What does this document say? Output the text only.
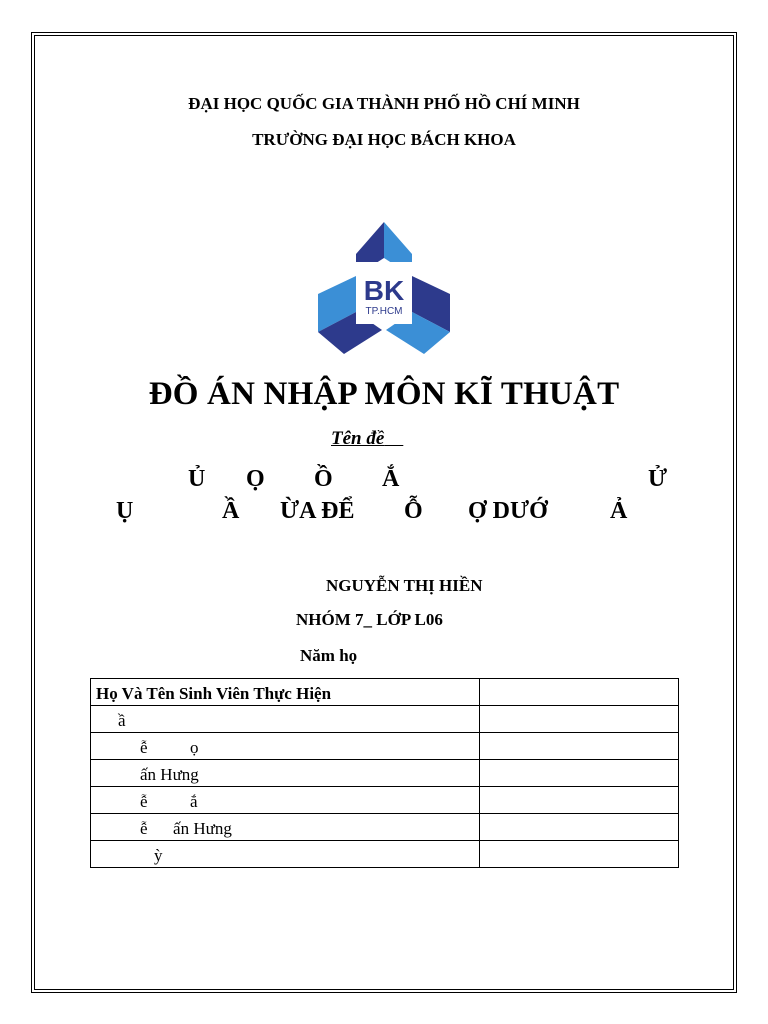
ĐẠI HỌC QUỐC GIA THÀNH PHỐ HỒ CHÍ MINH
TRƯỜNG ĐẠI HỌC BÁCH KHOA
BK
TP.HCM
ĐỒ ÁN NHẬP MÔN KĨ THUẬT
Tên đề
Ủ Ọ Ồ Ắ	Ử
Ụ	Ầ ỪA ĐỂ Ỗ Ợ DƯỚ	Ả
NGUYỄN THỊ HIỀN
NHÓM 7_ LỚP L06
Năm họ
Họ Và Tên Sinh Viên Thực Hiện	
ầ	
ễ          ọ	
ấn Hưng	
ễ          ắ	
ễ      ấn Hưng	
ỳ	
